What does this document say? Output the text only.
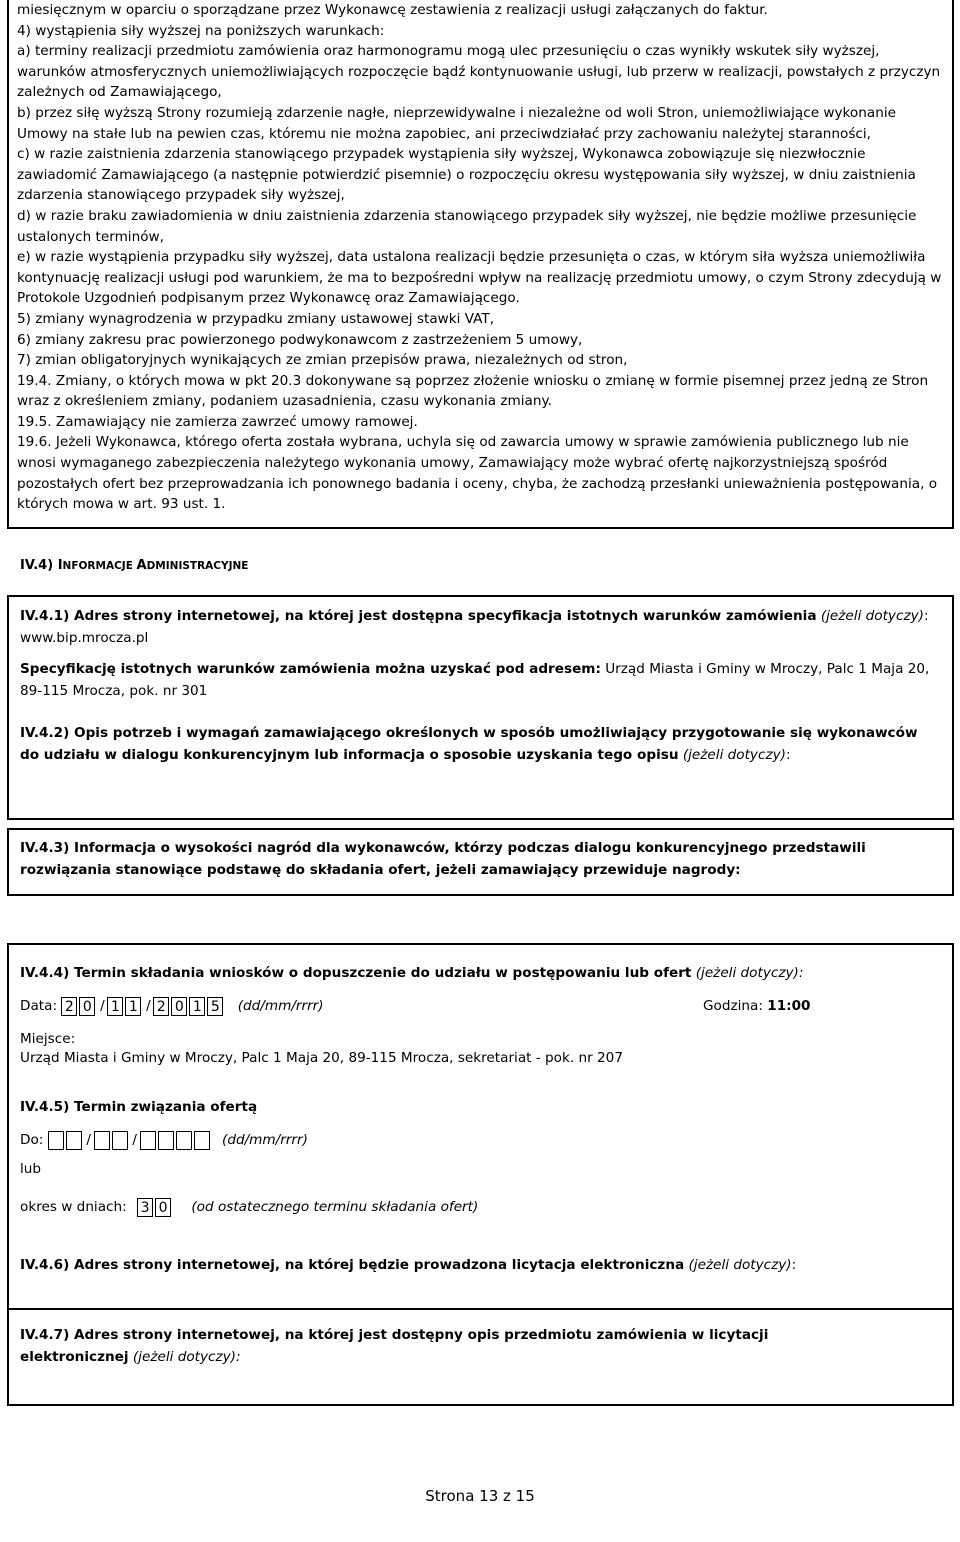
miesięcznym w oparciu o sporządzane przez Wykonawcę zestawienia z realizacji usługi załączanych do faktur.

4) wystąpienia siły wyższej na poniższych warunkach:

a) terminy realizacji przedmiotu zamówienia oraz harmonogramu mogą ulec przesunięciu o czas wynikły wskutek siły wyższej, warunków atmosferycznych uniemożliwiających rozpoczęcie bądź kontynuowanie usługi, lub przerw w realizacji, powstałych z przyczyn zależnych od Zamawiającego,

b) przez siłę wyższą Strony rozumieją zdarzenie nagłe, nieprzewidywalne i niezależne od woli Stron, uniemożliwiające wykonanie Umowy na stałe lub na pewien czas, któremu nie można zapobiec, ani przeciwdziałać przy zachowaniu należytej staranności,

c) w razie zaistnienia zdarzenia stanowiącego przypadek wystąpienia siły wyższej, Wykonawca zobowiązuje się niezwłocznie zawiadomić Zamawiającego (a następnie potwierdzić pisemnie) o rozpoczęciu okresu występowania siły wyższej, w dniu zaistnienia zdarzenia stanowiącego przypadek siły wyższej,

d) w razie braku zawiadomienia w dniu zaistnienia zdarzenia stanowiącego przypadek siły wyższej, nie będzie możliwe przesunięcie ustalonych terminów,

e) w razie wystąpienia przypadku siły wyższej, data ustalona realizacji będzie przesunięta o czas, w którym siła wyższa uniemożliwiła kontynuację realizacji usługi pod warunkiem, że ma to bezpośredni wpływ na realizację przedmiotu umowy, o czym Strony zdecydują w Protokole Uzgodnień podpisanym przez Wykonawcę oraz Zamawiającego.

5) zmiany wynagrodzenia w przypadku zmiany ustawowej stawki VAT,

6) zmiany zakresu prac powierzonego podwykonawcom z zastrzeżeniem 5 umowy,

7) zmian obligatoryjnych wynikających ze zmian przepisów prawa, niezależnych od stron,

19.4. Zmiany, o których mowa w pkt 20.3 dokonywane są poprzez złożenie wniosku o zmianę w formie pisemnej przez jedną ze Stron wraz z określeniem zmiany, podaniem uzasadnienia, czasu wykonania zmiany.

19.5. Zamawiający nie zamierza zawrzeć umowy ramowej.

19.6. Jeżeli Wykonawca, którego oferta została wybrana, uchyla się od zawarcia umowy w sprawie zamówienia publicznego lub nie wnosi wymaganego zabezpieczenia należytego wykonania umowy, Zamawiający może wybrać ofertę najkorzystniejszą spośród pozostałych ofert bez przeprowadzania ich ponownego badania i oceny, chyba, że zachodzą przesłanki unieważnienia postępowania, o których mowa w art. 93 ust. 1.

IV.4) INFORMACJE ADMINISTRACYJNE
IV.4.1) Adres strony internetowej, na której jest dostępna specyfikacja istotnych warunków zamówienia (jeżeli dotyczy): www.bip.mrocza.pl
Specyfikację istotnych warunków zamówienia można uzyskać pod adresem: Urząd Miasta i Gminy w Mroczy, Palc 1 Maja 20, 89-115 Mrocza, pok. nr 301
IV.4.2) Opis potrzeb i wymagań zamawiającego określonych w sposób umożliwiający przygotowanie się wykonawców do udziału w dialogu konkurencyjnym lub informacja o sposobie uzyskania tego opisu (jeżeli dotyczy):
IV.4.3) Informacja o wysokości nagród dla wykonawców, którzy podczas dialogu konkurencyjnego przedstawili rozwiązania stanowiące podstawę do składania ofert, jeżeli zamawiający przewiduje nagrody:
IV.4.4) Termin składania wniosków o dopuszczenie do udziału w postępowaniu lub ofert (jeżeli dotyczy):
Data: 2 0 / 1 1 / 2 0 1 5 (dd/mm/rrrr)	Godzina: 11:00
Miejsce:
Urząd Miasta i Gminy w Mroczy, Palc 1 Maja 20, 89-115 Mrocza, sekretariat - pok. nr 207
IV.4.5) Termin związania ofertą
Do:	/	/	(dd/mm/rrrr)
lub
okres w dniach: 3 0 (od ostatecznego terminu składania ofert)
IV.4.6) Adres strony internetowej, na której będzie prowadzona licytacja elektroniczna (jeżeli dotyczy):
IV.4.7) Adres strony internetowej, na której jest dostępny opis przedmiotu zamówienia w licytacji elektronicznej (jeżeli dotyczy):
Strona 13 z 15
